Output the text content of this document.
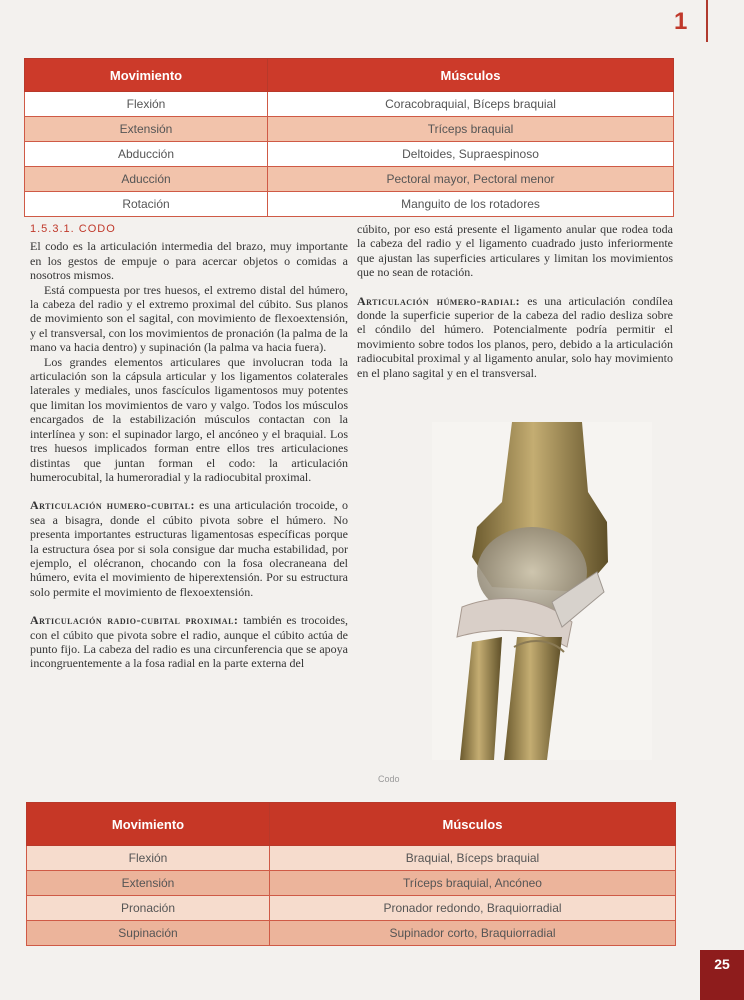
1
Movimiento	Músculos
Flexión	Coracobraquial, Bíceps braquial
Extensión	Tríceps braquial
Abducción	Deltoides, Supraespinoso
Aducción	Pectoral mayor, Pectoral menor
Rotación	Manguito de los rotadores
1.5.3.1. CODO

El codo es la articulación intermedia del brazo, muy importante en los gestos de empuje o para acercar objetos o comidas a nosotros mismos.

Está compuesta por tres huesos, el extremo distal del húmero, la cabeza del radio y el extremo proximal del cúbito. Sus planos de movimiento son el sagital, con movimiento de flexoextensión, y el transversal, con los movimientos de pronación (la palma de la mano va hacia dentro) y supinación (la palma va hacia fuera).

Los grandes elementos articulares que involucran toda la articulación son la cápsula articular y los ligamentos colaterales laterales y mediales, unos fascículos ligamentosos muy potentes que limitan los movimientos de varo y valgo. Todos los músculos encargados de la estabilización músculos contactan con la interlínea y son: el supinador largo, el ancóneo y el braquial. Los tres huesos implicados forman entre ellos tres articulaciones distintas que juntan forman el codo: la articulación humerocubital, la humeroradial y la radiocubital proximal.

Articulación humero-cubital: es una articulación trocoide, o sea a bisagra, donde el cúbito pivota sobre el húmero. No presenta importantes estructuras ligamentosas específicas porque la estructura ósea por si sola consigue dar mucha estabilidad, por ejemplo, el olécranon, chocando con la fosa olecraneana del húmero, evita el movimiento de hiperextensión. Por su estructura solo permite el movimiento de flexoextensión.

Articulación radio-cubital proximal: también es trocoides, con el cúbito que pivota sobre el radio, aunque el cúbito actúa de punto fijo. La cabeza del radio es una circunferencia que se apoya incongruentemente a la fosa radial en la parte externa del

cúbito, por eso está presente el ligamento anular que rodea toda la cabeza del radio y el ligamento cuadrado justo inferiormente que ajustan las superficies articulares y limitan los movimientos que no sean de rotación.

Articulación húmero-radial: es una articulación condílea donde la superficie superior de la cabeza del radio desliza sobre el cóndilo del húmero. Potencialmente podría permitir el movimiento sobre todos los planos, pero, debido a la articulación radiocubital proximal y al ligamento anular, solo hay movimiento en el plano sagital y en el transversal.

Codo
Movimiento	Músculos
Flexión	Braquial, Bíceps braquial
Extensión	Tríceps braquial, Ancóneo
Pronación	Pronador redondo, Braquiorradial
Supinación	Supinador corto, Braquiorradial
25
